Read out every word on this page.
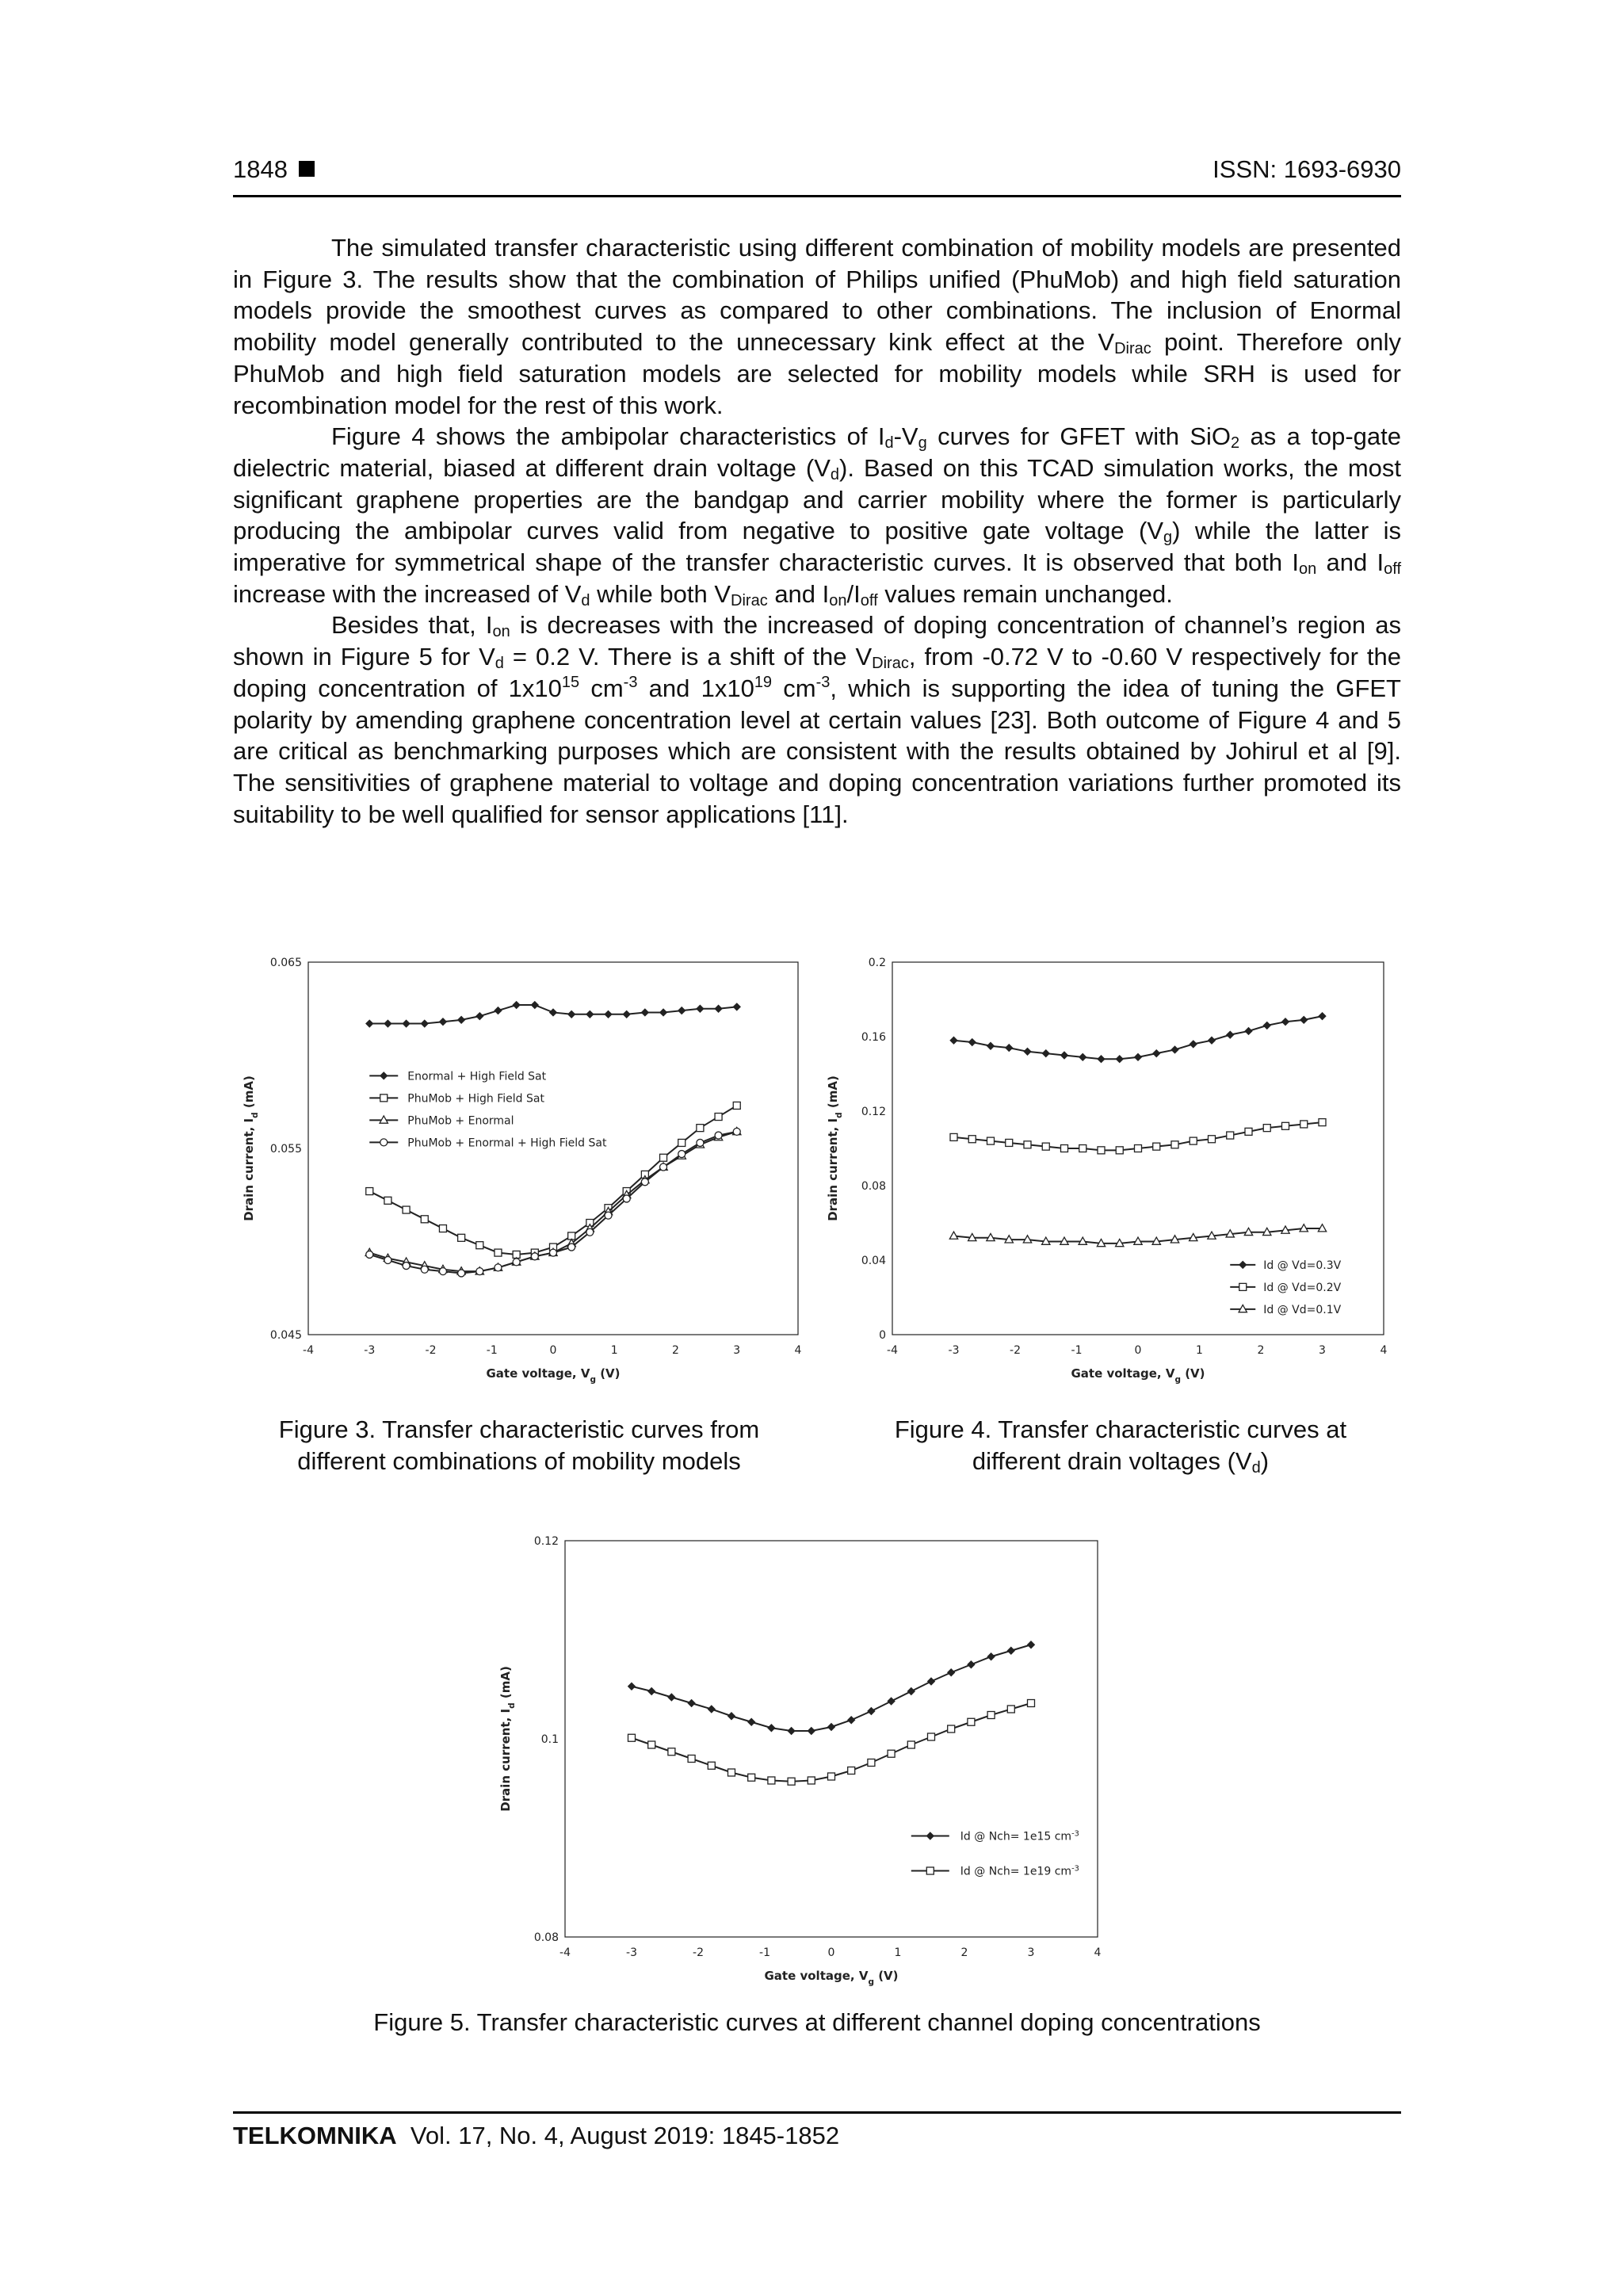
1848	ISSN: 1693-6930

The simulated transfer characteristic using different combination of mobility models are presented in Figure 3. The results show that the combination of Philips unified (PhuMob) and high field saturation models provide the smoothest curves as compared to other combinations. The inclusion of Enormal mobility model generally contributed to the unnecessary kink effect at the $V_{Dirac}$ point. Therefore only PhuMob and high field saturation models are selected for mobility models while SRH is used for recombination model for the rest of this work.

Figure 4 shows the ambipolar characteristics of $I_d-V_g$ curves for GFET with SiO$_2$ as a top-gate dielectric material, biased at different drain voltage $(V_d)$. Based on this TCAD simulation works, the most significant graphene properties are the bandgap and carrier mobility where the former is particularly producing the ambipolar curves valid from negative to positive gate voltage $(V_g)$ while the latter is imperative for symmetrical shape of the transfer characteristic curves. It is observed that both $I_{on}$ and $I_{off}$ increase with the increased of $V_d$ while both $V_{Dirac}$ and $I_{on}/I_{off}$ values remain unchanged.

Besides that, $I_{on}$ is decreases with the increased of doping concentration of channel’s region as shown in Figure 5 for $V_d = 0.2$ V. There is a shift of the $V_{Dirac}$, from -0.72 V to -0.60 V respectively for the doping concentration of $1x10^{15}$ $cm^{-3}$ and $1x10^{19}$ $cm^{-3}$, which is supporting the idea of tuning the GFET polarity by amending graphene concentration level at certain values [23]. Both outcome of Figure 4 and 5 are critical as benchmarking purposes which are consistent with the results obtained by Johirul et al [9]. The sensitivities of graphene material to voltage and doping concentration variations further promoted its suitability to be well qualified for sensor applications [11].

-4	-3	-2	-1	0	1	2	3	4
0.045
0.055
0.065
Gate voltage, $V_g$ (V)
Drain current, $I_d$ (mA)	Enormal + High Field Sat
PhuMob + High Field Sat
PhuMob + Enormal
PhuMob + Enormal + High Field Sat
Figure 3. Transfer characteristic curves from different combinations of mobility models
-4	-3	-2	-1	0	1	2	3	4
0
0.04
0.08
0.12
0.16
0.2
Gate voltage, $V_g$ (V)
Drain current, $I_d$ (mA)
Id @ Vd=0.3V
Id @ Vd=0.2V
Id @ Vd=0.1V
Figure 4. Transfer characteristic curves at different drain voltages $(V_d)$
-4	-3	-2	-1	0	1	2	3	4
0.08
0.1
0.12
Gate voltage, $V_g$ (V)
Drain current, $I_d$ (mA)
Id @ Nch= 1e15 $cm^{-3}$
Id @ Nch= 1e19 $cm^{-3}$
Figure 5. Transfer characteristic curves at different channel doping concentrations
TELKOMNIKA Vol. 17, No. 4, August 2019: 1845-1852
